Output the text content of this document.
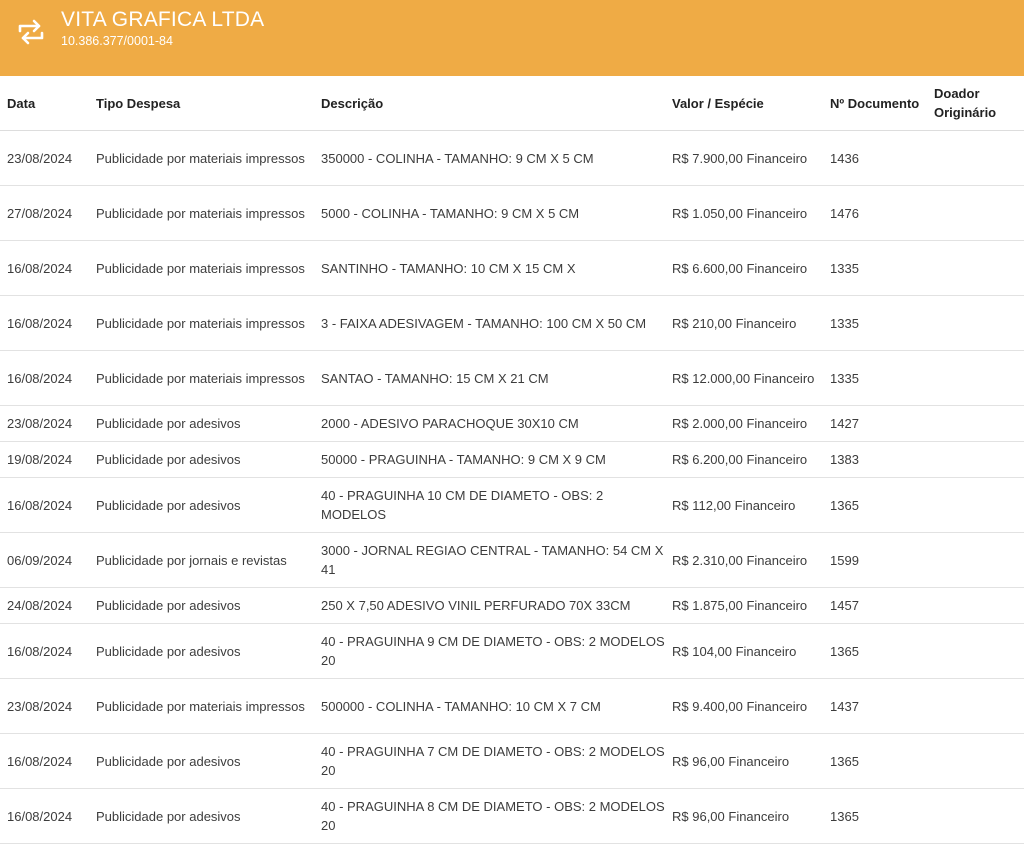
VITA GRAFICA LTDA
10.386.377/0001-84
Data	Tipo Despesa	Descrição	Valor / Espécie	Nº Documento	Doador Originário
23/08/2024	Publicidade por materiais impressos	350000 - COLINHA - TAMANHO: 9 CM X 5 CM	R$ 7.900,00 Financeiro	1436	
27/08/2024	Publicidade por materiais impressos	5000 - COLINHA - TAMANHO: 9 CM X 5 CM	R$ 1.050,00 Financeiro	1476	
16/08/2024	Publicidade por materiais impressos	SANTINHO - TAMANHO: 10 CM X 15 CM X	R$ 6.600,00 Financeiro	1335	
16/08/2024	Publicidade por materiais impressos	3 - FAIXA ADESIVAGEM - TAMANHO: 100 CM X 50 CM	R$ 210,00 Financeiro	1335	
16/08/2024	Publicidade por materiais impressos	SANTAO - TAMANHO: 15 CM X 21 CM	R$ 12.000,00 Financeiro	1335	
23/08/2024	Publicidade por adesivos	2000 - ADESIVO PARACHOQUE 30X10 CM	R$ 2.000,00 Financeiro	1427	
19/08/2024	Publicidade por adesivos	50000 - PRAGUINHA - TAMANHO: 9 CM X 9 CM	R$ 6.200,00 Financeiro	1383	
16/08/2024	Publicidade por adesivos	40 - PRAGUINHA 10 CM DE DIAMETO - OBS: 2 MODELOS	R$ 112,00 Financeiro	1365	
06/09/2024	Publicidade por jornais e revistas	3000 - JORNAL REGIAO CENTRAL - TAMANHO: 54 CM X 41	R$ 2.310,00 Financeiro	1599	
24/08/2024	Publicidade por adesivos	250 X 7,50 ADESIVO VINIL PERFURADO 70X 33CM	R$ 1.875,00 Financeiro	1457	
16/08/2024	Publicidade por adesivos	40 - PRAGUINHA 9 CM DE DIAMETO - OBS: 2 MODELOS 20	R$ 104,00 Financeiro	1365	
23/08/2024	Publicidade por materiais impressos	500000 - COLINHA - TAMANHO: 10 CM X 7 CM	R$ 9.400,00 Financeiro	1437	
16/08/2024	Publicidade por adesivos	40 - PRAGUINHA 7 CM DE DIAMETO - OBS: 2 MODELOS 20	R$ 96,00 Financeiro	1365	
16/08/2024	Publicidade por adesivos	40 - PRAGUINHA 8 CM DE DIAMETO - OBS: 2 MODELOS 20	R$ 96,00 Financeiro	1365	
